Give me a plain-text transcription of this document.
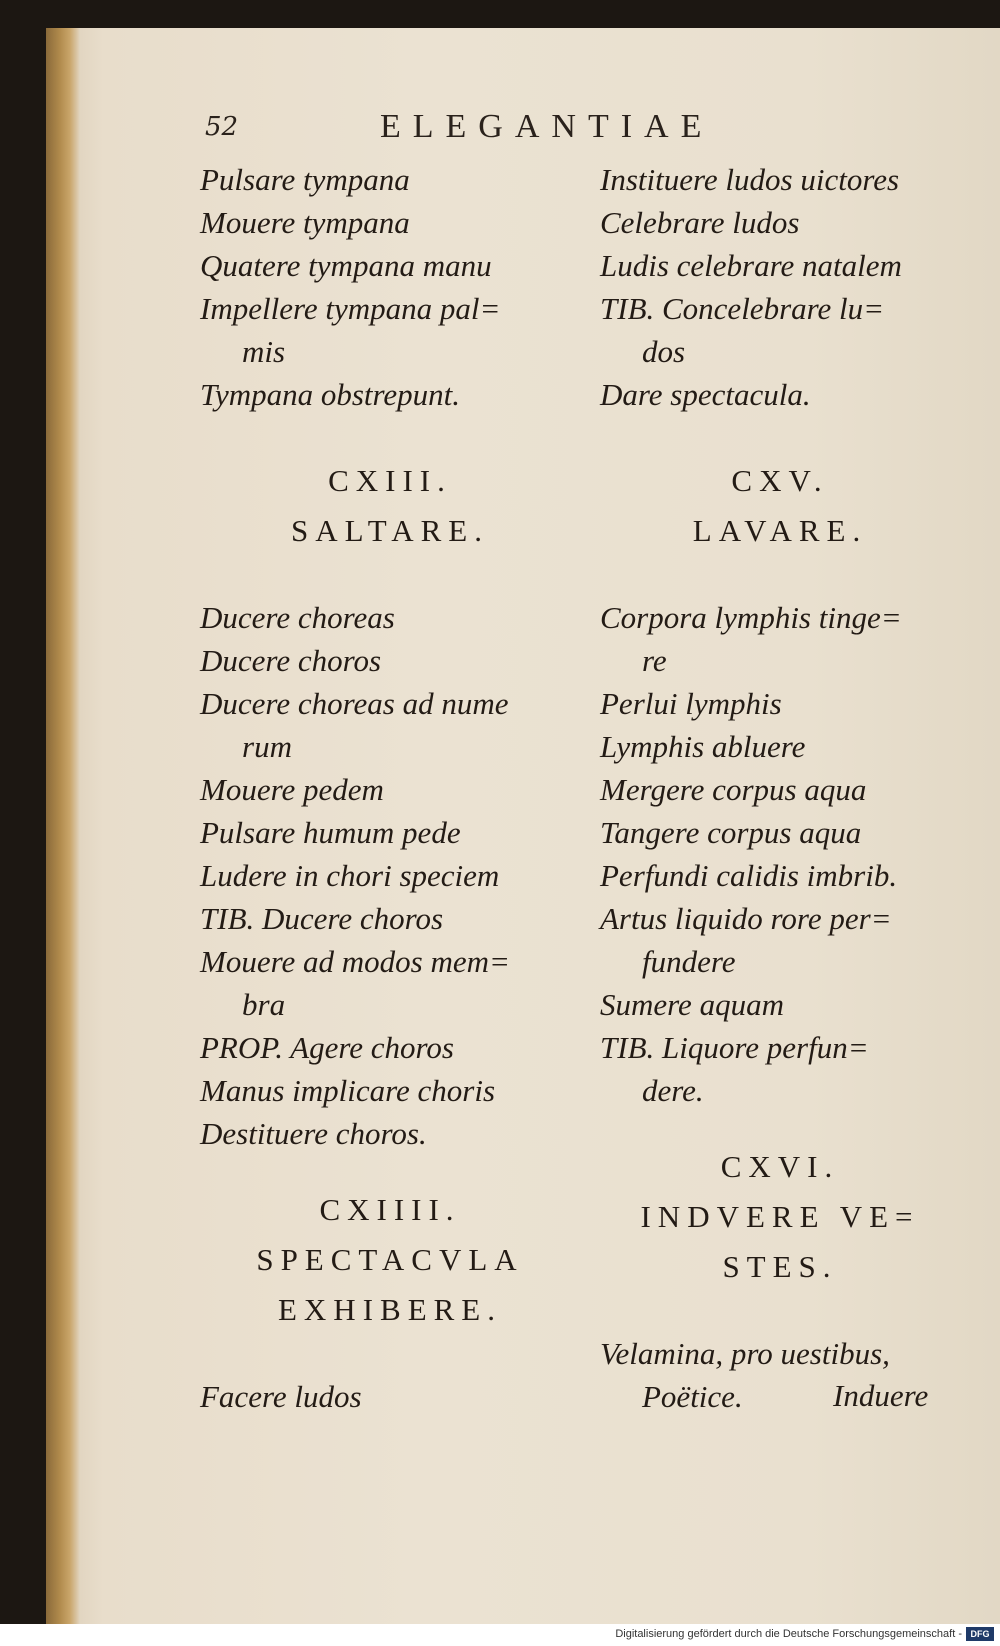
52	ELEGANTIAE
Pulsare tympana
Mouere tympana
Quatere tympana manu
Impellere tympana pal=
mis
Tympana obstrepunt.
CXIII.
SALTARE.
Ducere choreas
Ducere choros
Ducere choreas ad nume
rum
Mouere pedem
Pulsare humum pede
Ludere in chori speciem
TIB. Ducere choros
Mouere ad modos mem=
bra
PROP. Agere choros
Manus implicare choris
Destituere choros.
CXIIII.
SPECTACVLA
EXHIBERE.
Facere ludos
Instituere ludos uictores
Celebrare ludos
Ludis celebrare natalem
TIB. Concelebrare lu=
dos
Dare spectacula.
CXV.
LAVARE.
Corpora lymphis tinge=
re
Perlui lymphis
Lymphis abluere
Mergere corpus aqua
Tangere corpus aqua
Perfundi calidis imbrib.
Artus liquido rore per=
fundere
Sumere aquam
TIB. Liquore perfun=
dere.
CXVI.
INDVERE VE=
STES.
Velamina, pro uestibus,
Poëtice.	Induere
Digitalisierung gefördert durch die Deutsche Forschungsgemeinschaft - DFG
